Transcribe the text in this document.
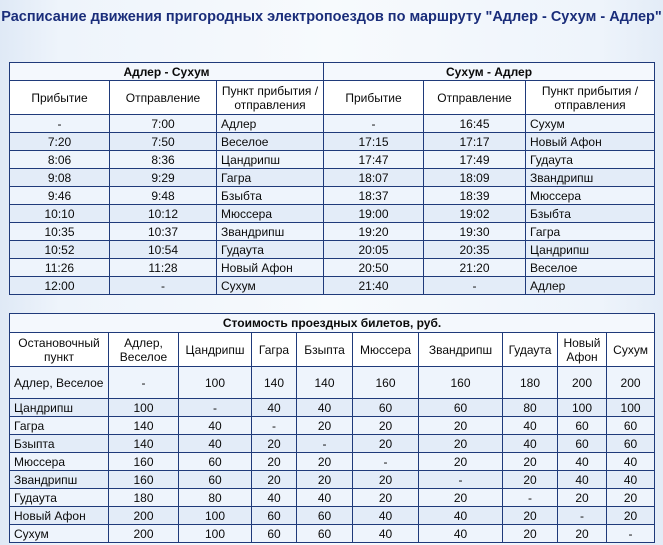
Расписание движения пригородных электропоездов по маршруту "Адлер - Сухум - Адлер"
Адлер - Сухум			Сухум - Адлер		
Прибытие	Отправление	Пункт прибытия / отправления	Прибытие	Отправление	Пункт прибытия / отправления
-	7:00	Адлер	-	16:45	Сухум
7:20	7:50	Веселое	17:15	17:17	Новый Афон
8:06	8:36	Цандрипш	17:47	17:49	Гудаута
9:08	9:29	Гагра	18:07	18:09	Звандрипш
9:46	9:48	Бзыбта	18:37	18:39	Мюссера
10:10	10:12	Мюссера	19:00	19:02	Бзыбта
10:35	10:37	Звандрипш	19:20	19:30	Гагра
10:52	10:54	Гудаута	20:05	20:35	Цандрипш
11:26	11:28	Новый Афон	20:50	21:20	Веселое
12:00	-	Сухум	21:40	-	Адлер
Стоимость проездных билетов, руб.									
Остановочный пункт	Адлер, Веселое	Цандрипш	Гагра	Бзыпта	Мюссера	Звандрипш	Гудаута	Новый Афон	Сухум
Адлер, Веселое	-	100	140	140	160	160	180	200	200
Цандрипш	100	-	40	40	60	60	80	100	100
Гагра	140	40	-	20	20	20	40	60	60
Бзыпта	140	40	20	-	20	20	40	60	60
Мюссера	160	60	20	20	-	20	20	40	40
Звандрипш	160	60	20	20	20	-	20	40	40
Гудаута	180	80	40	40	20	20	-	20	20
Новый Афон	200	100	60	60	40	40	20	-	20
Сухум	200	100	60	60	40	40	20	20	-
